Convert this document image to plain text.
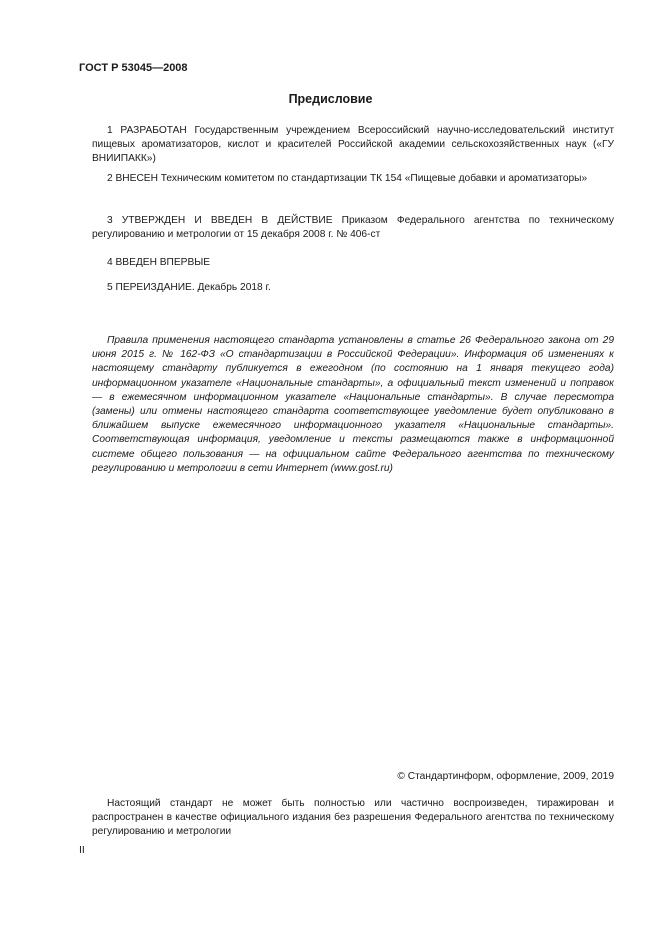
ГОСТ Р 53045—2008
Предисловие
1 РАЗРАБОТАН Государственным учреждением Всероссийский научно-исследовательский институт пищевых ароматизаторов, кислот и красителей Российской академии сельскохозяйственных наук («ГУ ВНИИПАКК»)
2 ВНЕСЕН Техническим комитетом по стандартизации ТК 154 «Пищевые добавки и ароматизаторы»
3 УТВЕРЖДЕН И ВВЕДЕН В ДЕЙСТВИЕ Приказом Федерального агентства по техническому регулированию и метрологии от 15 декабря 2008 г. № 406-ст
4 ВВЕДЕН ВПЕРВЫЕ
5 ПЕРЕИЗДАНИЕ. Декабрь 2018 г.
Правила применения настоящего стандарта установлены в статье 26 Федерального закона от 29 июня 2015 г. № 162-ФЗ «О стандартизации в Российской Федерации». Информация об изменениях к настоящему стандарту публикуется в ежегодном (по состоянию на 1 января текущего года) информационном указателе «Национальные стандарты», а официальный текст изменений и поправок — в ежемесячном информационном указателе «Национальные стандарты». В случае пересмотра (замены) или отмены настоящего стандарта соответствующее уведомление будет опубликовано в ближайшем выпуске ежемесячного информационного указателя «Национальные стандарты». Соответствующая информация, уведомление и тексты размещаются также в информационной системе общего пользования — на официальном сайте Федерального агентства по техническому регулированию и метрологии в сети Интернет (www.gost.ru)
© Стандартинформ, оформление, 2009, 2019
Настоящий стандарт не может быть полностью или частично воспроизведен, тиражирован и распространен в качестве официального издания без разрешения Федерального агентства по техническому регулированию и метрологии
II
